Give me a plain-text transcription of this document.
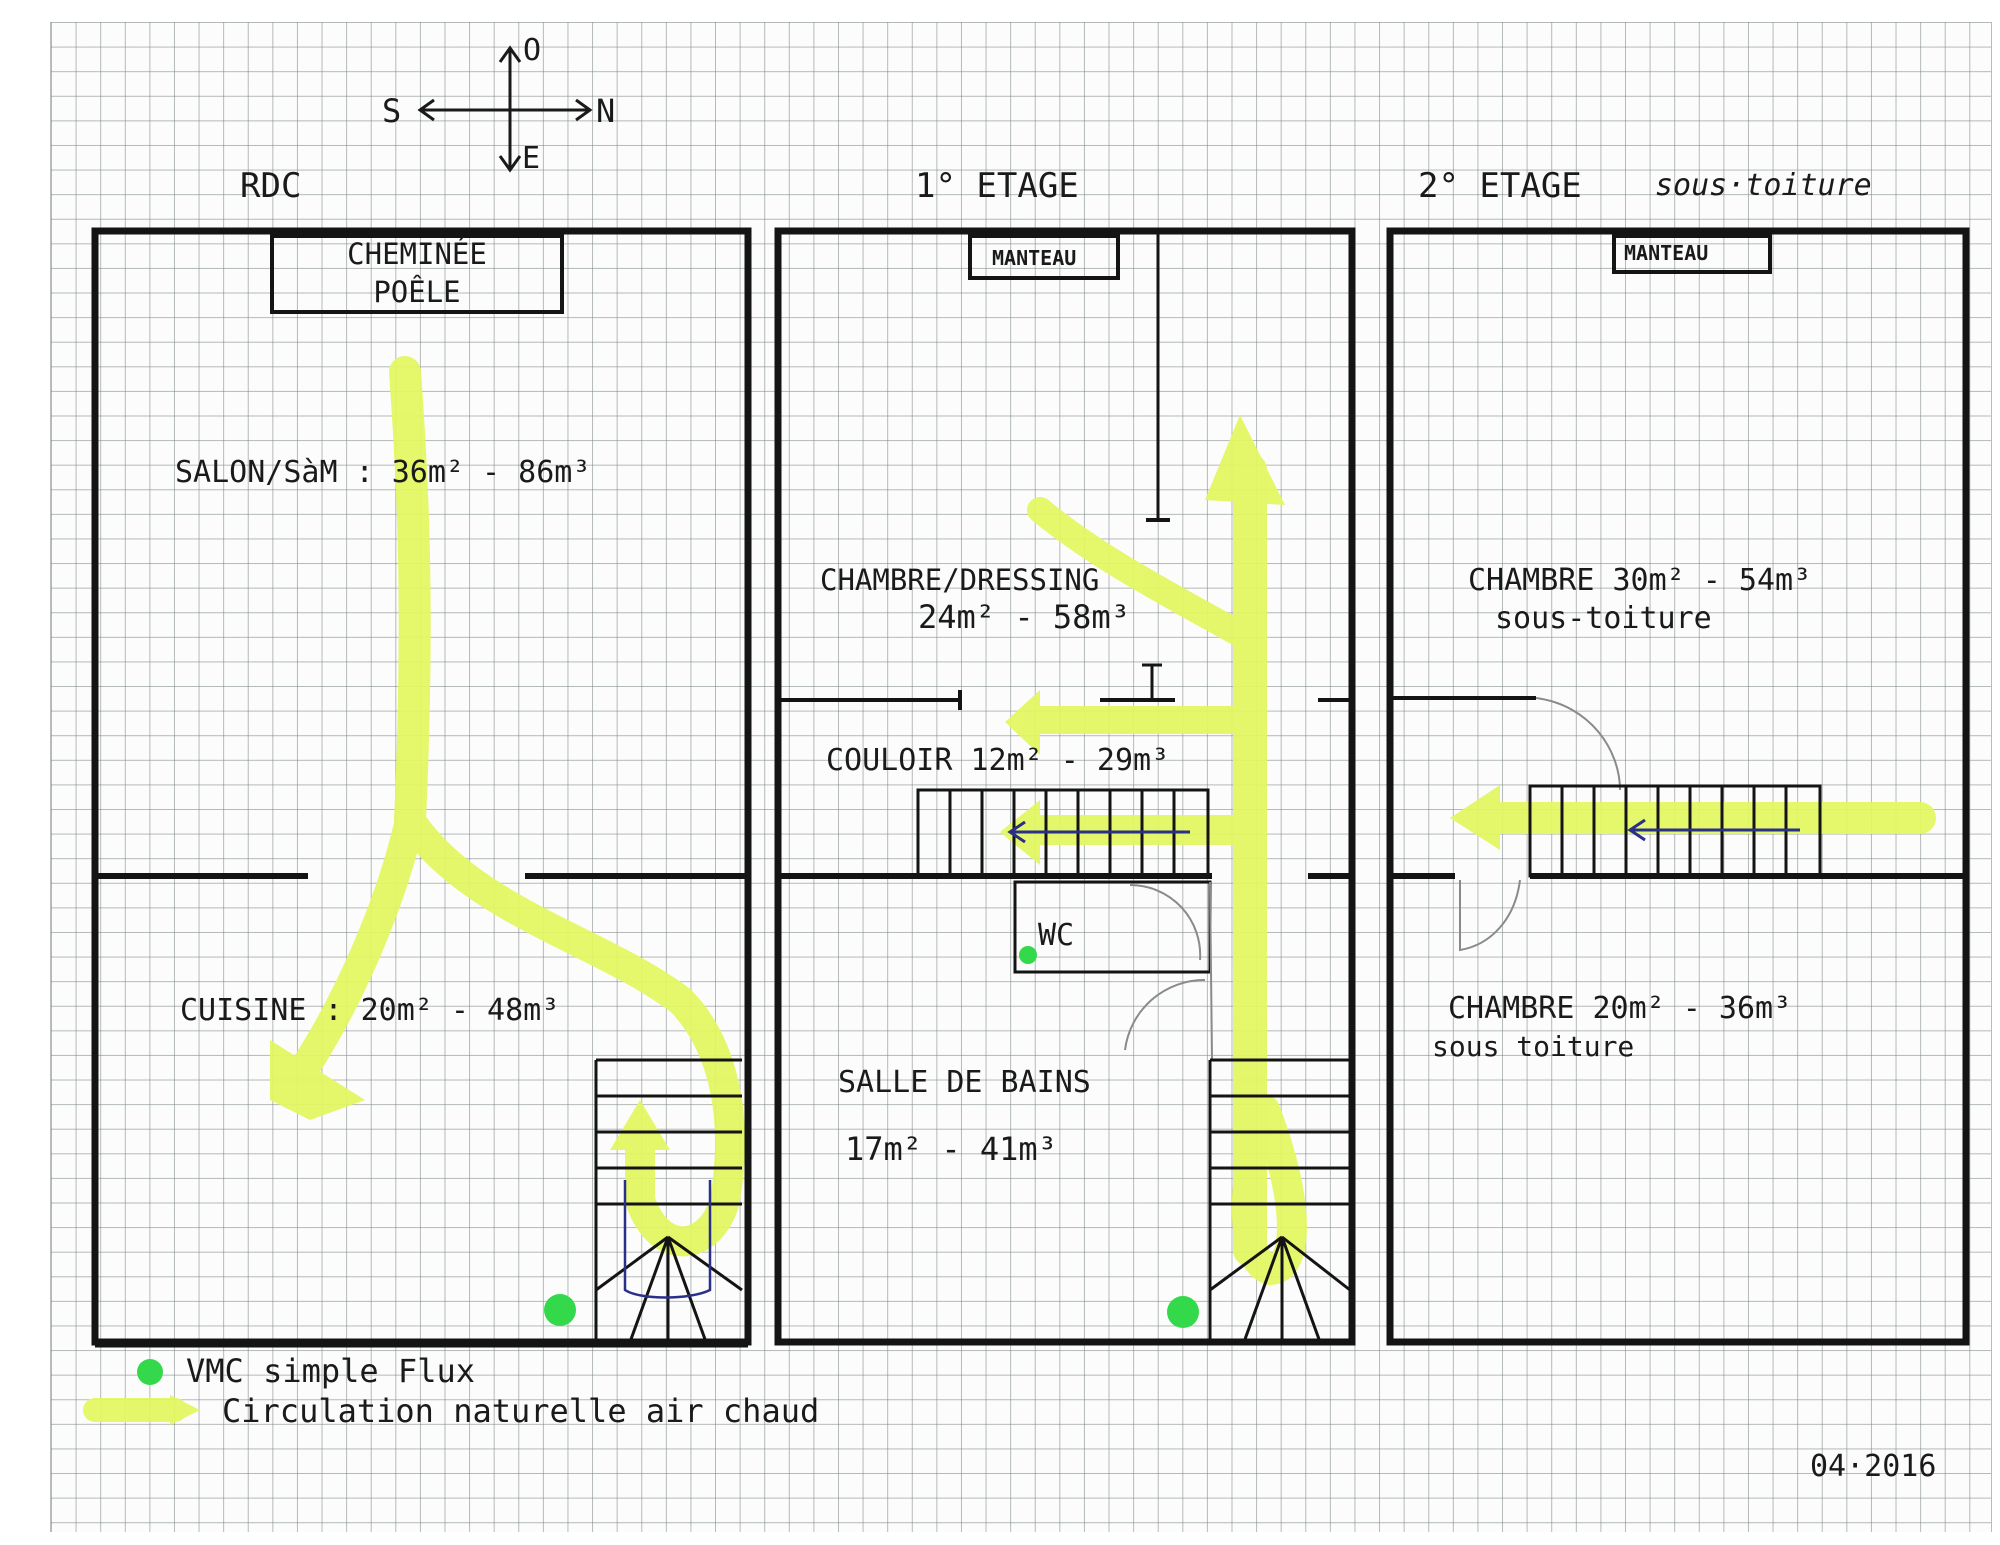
O
S	N
E
RDC	1° ETAGE	2° ETAGE sous·toiture
CHEMINÉE
POÊLE
SALON/SàM : 36m² - 86m³
CUISINE : 20m² - 48m³
MANTEAU
CHAMBRE/DRESSING
24m² - 58m³
COULOIR 12m² - 29m³
WC
SALLE DE BAINS
17m² - 41m³
MANTEAU
CHAMBRE 30m² - 54m³
sous-toiture
CHAMBRE 20m² - 36m³
sous toiture
VMC simple Flux
Circulation naturelle air chaud
04·2016
